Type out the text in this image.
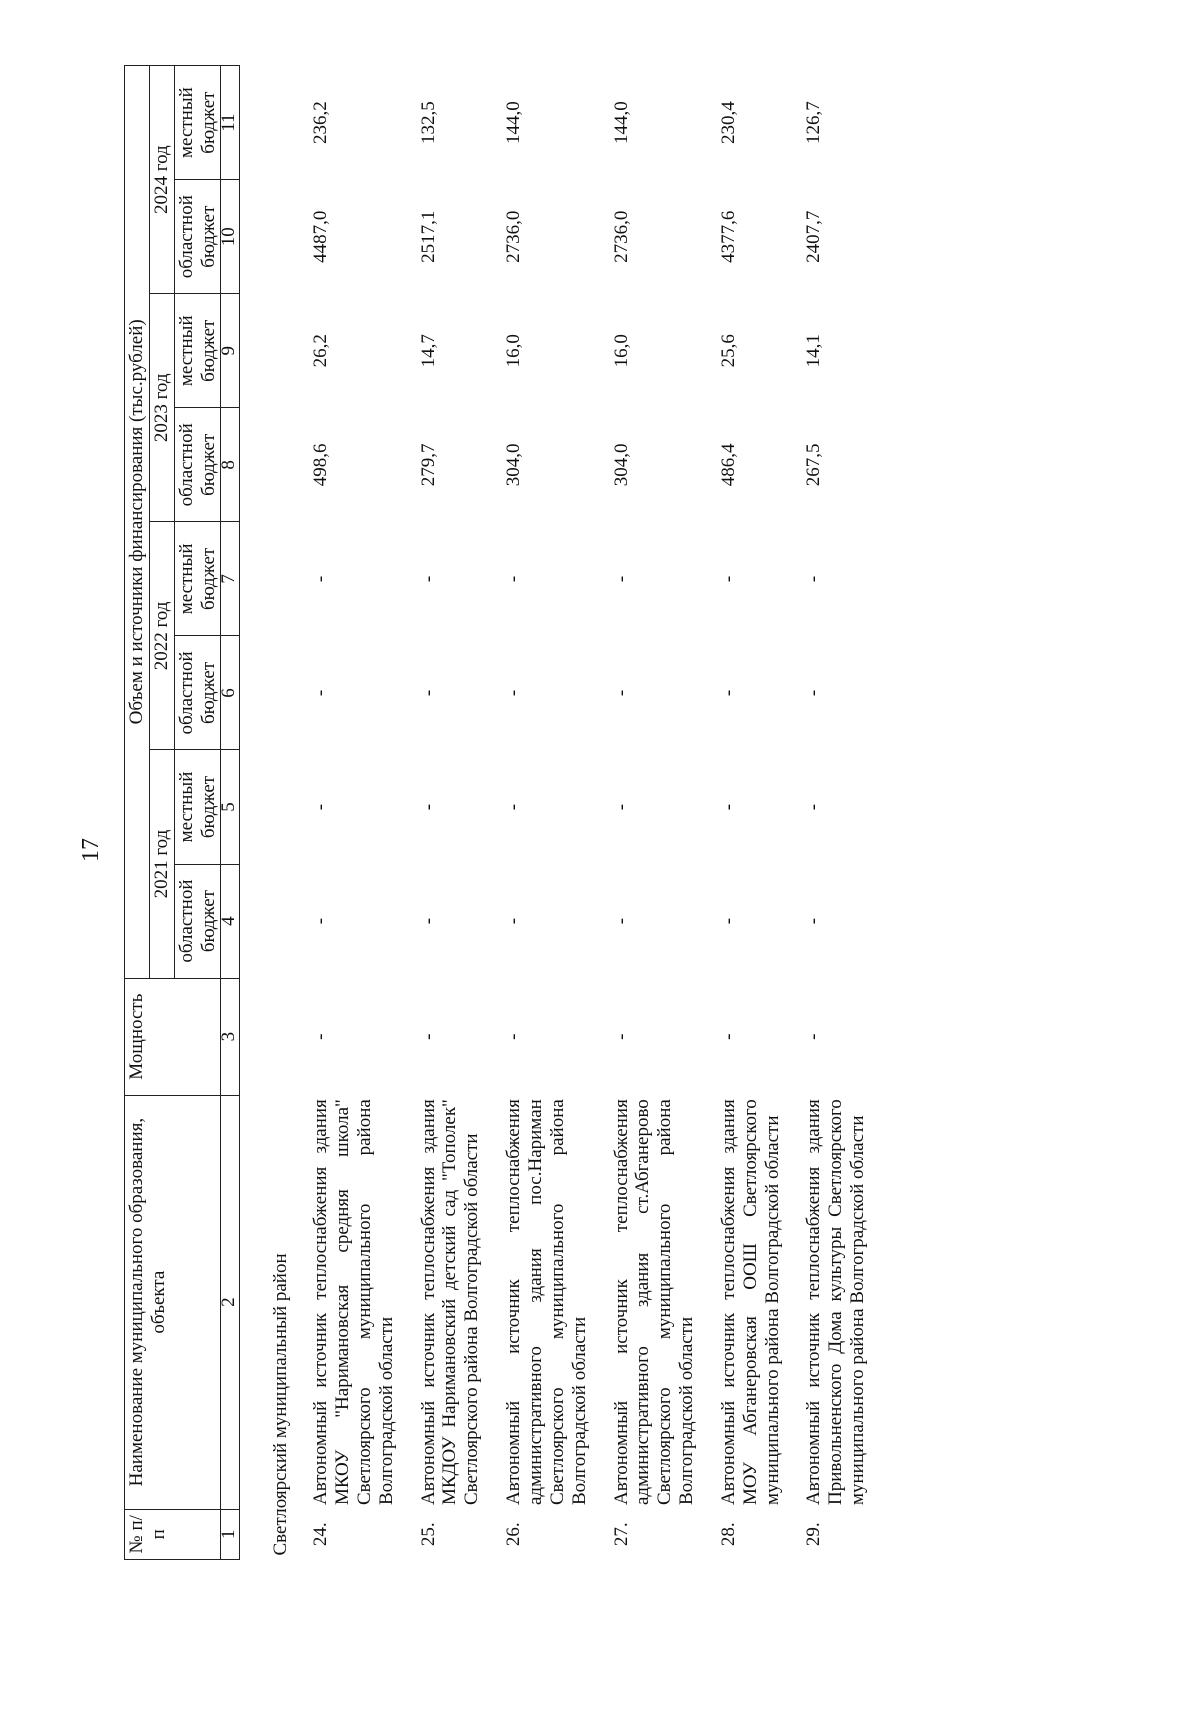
17
№ п/п	Наименование муниципального образования, объекта	Мощность	Объем и источники финансирования (тыс.рублей)							
			2021 год		2022 год		2023 год		2024 год	
			областной бюджет	местный бюджет	областной бюджет	местный бюджет	областной бюджет	местный бюджет	областной бюджет	местный бюджет
1	2	3	4	5	6	7	8	9	10	11
Светлоярский муниципальный район										
24.	Автономный источник теплоснабжения здания МКОУ "Наримановская средняя школа" Светлоярского муниципального района Волгоградской области	-	-	-	-	-	498,6	26,2	4487,0	236,2
25.	Автономный источник теплоснабжения здания МКДОУ Наримановский детский сад "Тополек" Светлоярского района Волгоградской области	-	-	-	-	-	279,7	14,7	2517,1	132,5
26.	Автономный источник теплоснабжения административного здания пос.Нариман Светлоярского муниципального района Волгоградской области	-	-	-	-	-	304,0	16,0	2736,0	144,0
27.	Автономный источник теплоснабжения административного здания ст.Абганерово Светлоярского муниципального района Волгоградской области	-	-	-	-	-	304,0	16,0	2736,0	144,0
28.	Автономный источник теплоснабжения здания МОУ Абганеровская ООШ Светлоярского муниципального района Волгоградской области	-	-	-	-	-	486,4	25,6	4377,6	230,4
29.	Автономный источник теплоснабжения здания Привольненского Дома культуры Светлоярского муниципального района Волгоградской области	-	-	-	-	-	267,5	14,1	2407,7	126,7
